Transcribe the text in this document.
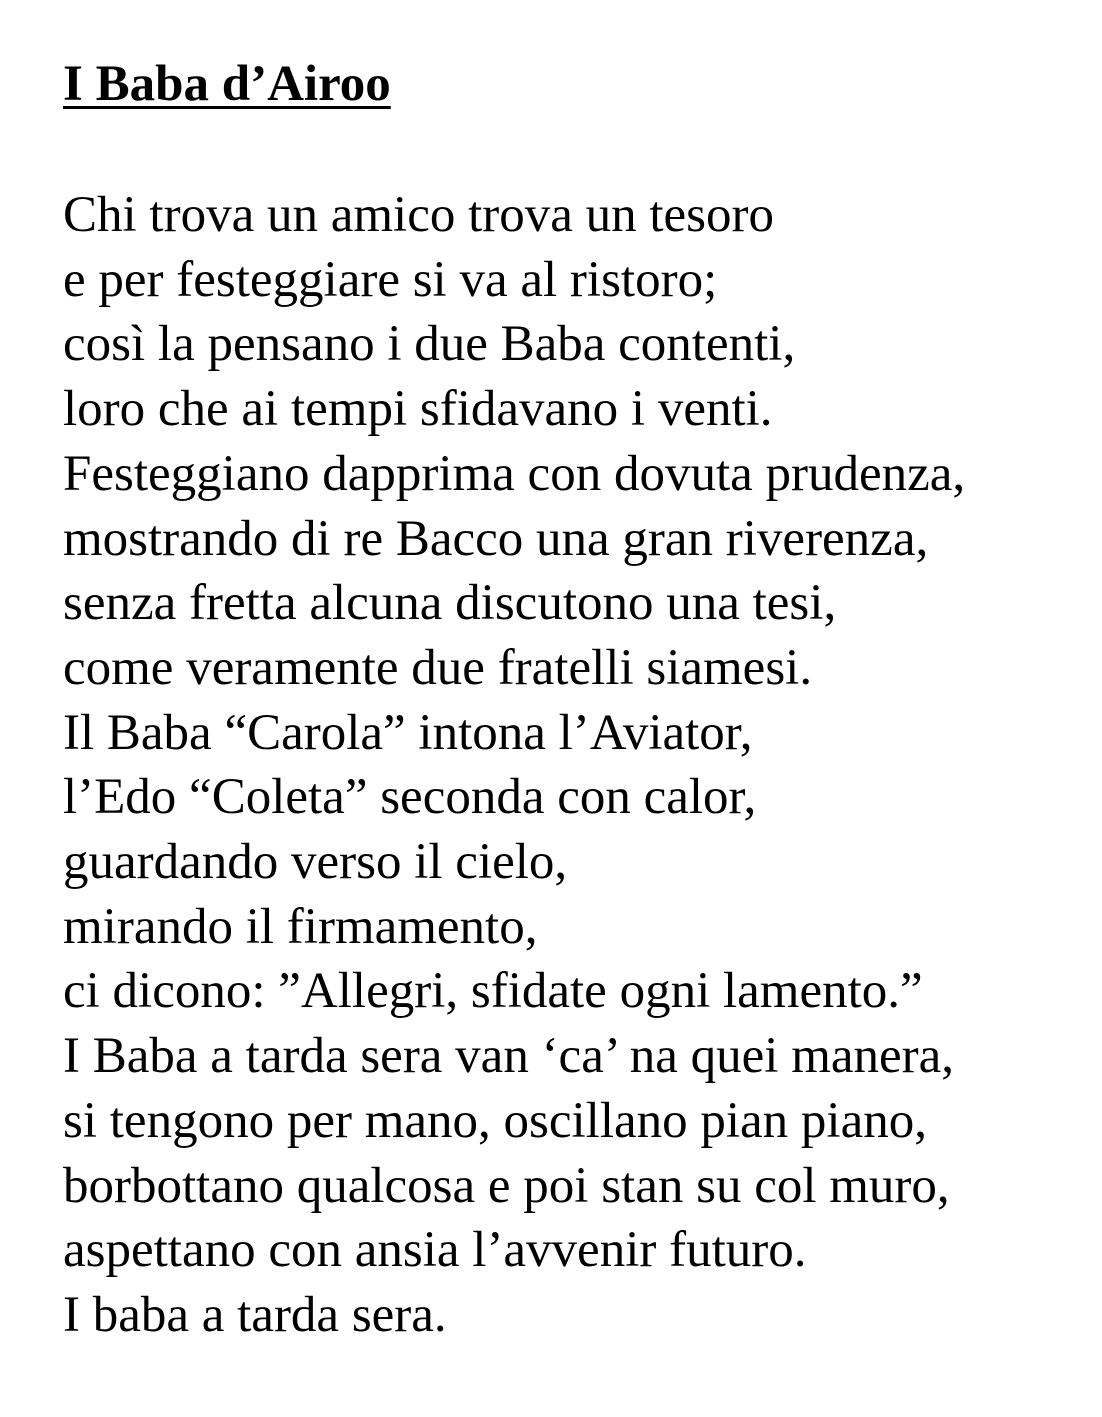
I Baba d’Airoo

Chi trova un amico trova un tesoro

e per festeggiare si va al ristoro;

così la pensano i due Baba contenti,

loro che ai tempi sfidavano i venti.

Festeggiano dapprima con dovuta prudenza,

mostrando di re Bacco una gran riverenza,

senza fretta alcuna discutono una tesi,

come veramente due fratelli siamesi.

Il Baba “Carola” intona l’Aviator,

l’Edo “Coleta” seconda con calor,

guardando verso il cielo,

mirando il firmamento,

ci dicono: ”Allegri, sfidate ogni lamento.”

I Baba a tarda sera van ‘ca’ na quei manera,

si tengono per mano, oscillano pian piano,

borbottano qualcosa e poi stan su col muro,

aspettano con ansia l’avvenir futuro.

I baba a tarda sera.
